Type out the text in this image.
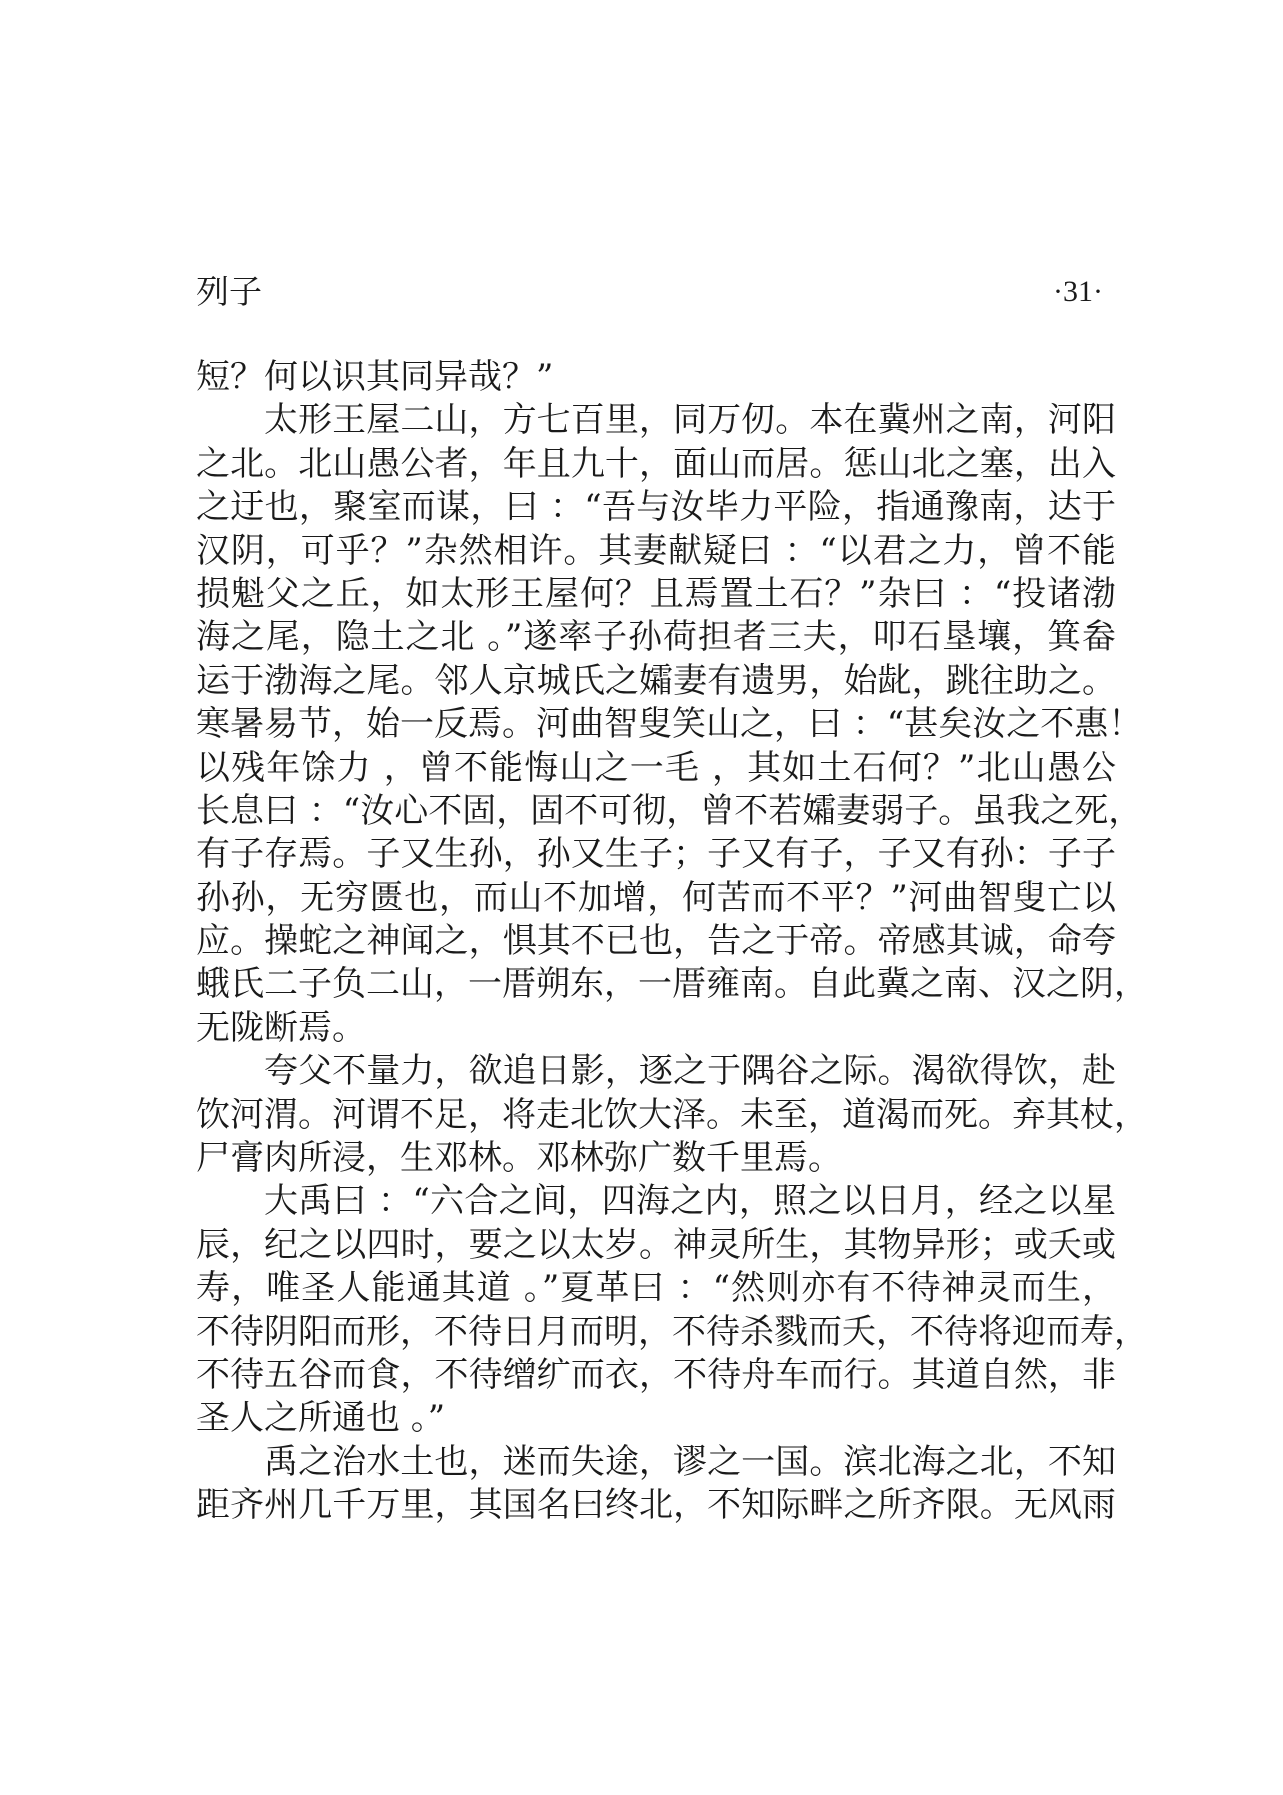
列子	·31·
短？何以识其同异哉？”
太形王屋二山，方七百里，同万仞。本在冀州之南，河阳
之北。北山愚公者，年且九十，面山而居。惩山北之塞，出入
之迂也，聚室而谋，曰 ：“吾与汝毕力平险，指通豫南，达于
汉阴，可乎？”杂然相许。其妻献疑曰 ：“以君之力，曾不能
损魁父之丘，如太形王屋何？且焉置土石？”杂曰 ：“投诸渤
海之尾，隐土之北 。”遂率子孙荷担者三夫，叩石垦壤，箕畚
运于渤海之尾。邻人京城氏之孀妻有遗男，始龀，跳往助之。
寒暑易节，始一反焉。河曲智叟笑山之，曰 ：“甚矣汝之不惠！
以残年馀力 ，曾不能悔山之一毛 ，其如土石何？”北山愚公
长息曰 ：“汝心不固，固不可彻，曾不若孀妻弱子。虽我之死，
有子存焉。子又生孙，孙又生子；子又有子，子又有孙：子子
孙孙，无穷匮也，而山不加增，何苦而不平？”河曲智叟亡以
应。操蛇之神闻之，惧其不已也，告之于帝。帝感其诚，命夸
蛾氏二子负二山，一厝朔东，一厝雍南。自此冀之南、汉之阴，
无陇断焉。
夸父不量力，欲追日影，逐之于隅谷之际。渴欲得饮，赴
饮河渭。河谓不足，将走北饮大泽。未至，道渴而死。弃其杖，
尸膏肉所浸，生邓林。邓林弥广数千里焉。
大禹曰 ：“六合之间，四海之内，照之以日月，经之以星
辰，纪之以四时，要之以太岁。神灵所生，其物异形；或夭或
寿，唯圣人能通其道 。”夏革曰 ：“然则亦有不待神灵而生，
不待阴阳而形，不待日月而明，不待杀戮而夭，不待将迎而寿，
不待五谷而食，不待缯纩而衣，不待舟车而行。其道自然，非
圣人之所通也 。”
禹之治水土也，迷而失途，谬之一国。滨北海之北，不知
距齐州几千万里，其国名曰终北，不知际畔之所齐限。无风雨
